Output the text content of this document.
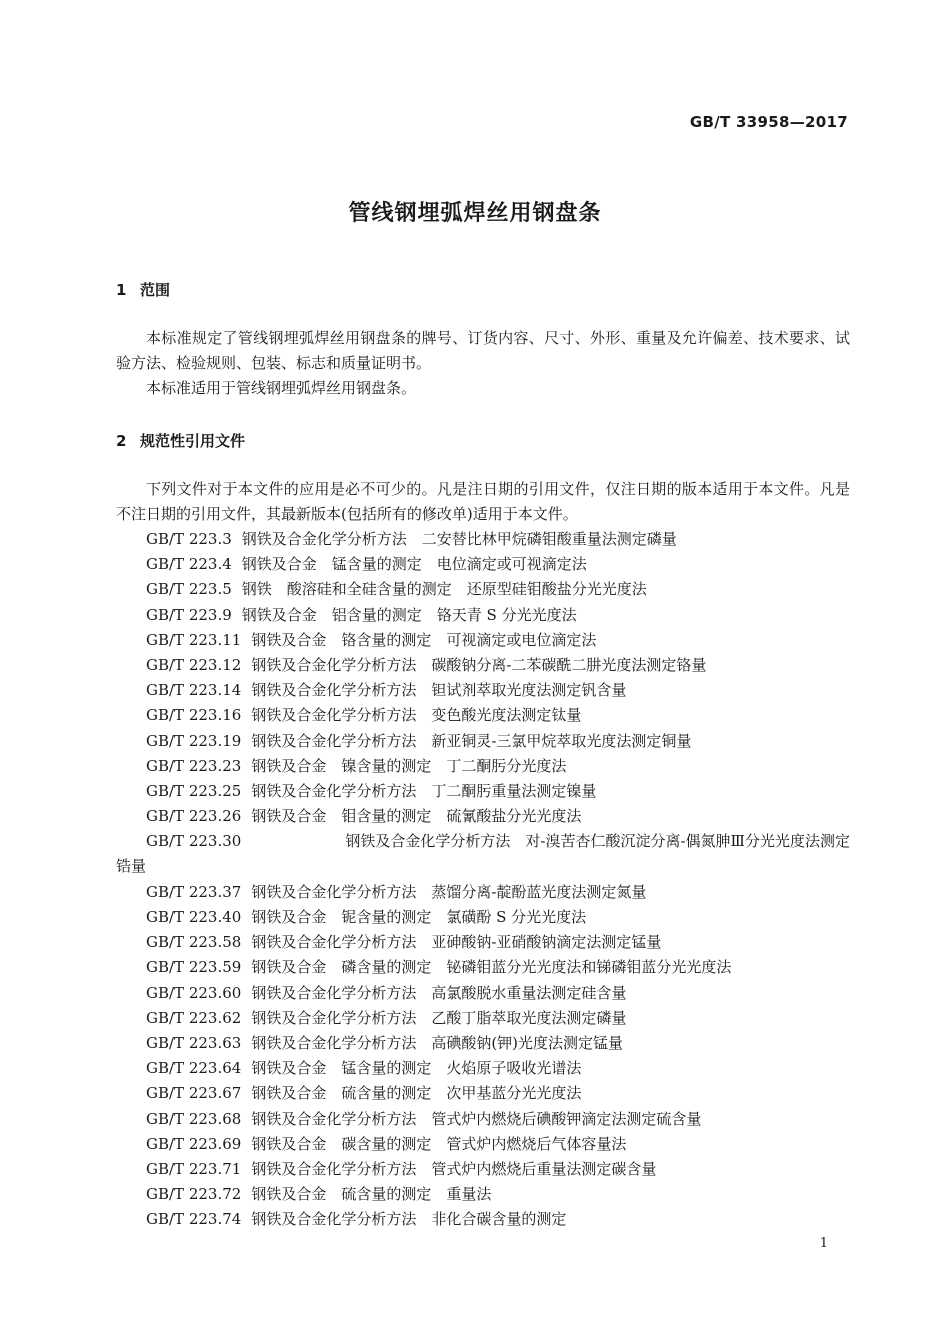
GB/T 33958—2017
管线钢埋弧焊丝用钢盘条
1 范围
本标准规定了管线钢埋弧焊丝用钢盘条的牌号、订货内容、尺寸、外形、重量及允许偏差、技术要求、试验方法、检验规则、包装、标志和质量证明书。
本标准适用于管线钢埋弧焊丝用钢盘条。
2 规范性引用文件
下列文件对于本文件的应用是必不可少的。凡是注日期的引用文件，仅注日期的版本适用于本文件。凡是不注日期的引用文件，其最新版本(包括所有的修改单)适用于本文件。
GB/T 223.3 钢铁及合金化学分析方法　二安替比林甲烷磷钼酸重量法测定磷量
GB/T 223.4 钢铁及合金　锰含量的测定　电位滴定或可视滴定法
GB/T 223.5 钢铁　酸溶硅和全硅含量的测定　还原型硅钼酸盐分光光度法
GB/T 223.9 钢铁及合金　铝含量的测定　铬天青 S 分光光度法
GB/T 223.11 钢铁及合金　铬含量的测定　可视滴定或电位滴定法
GB/T 223.12 钢铁及合金化学分析方法　碳酸钠分离-二苯碳酰二肼光度法测定铬量
GB/T 223.14 钢铁及合金化学分析方法　钽试剂萃取光度法测定钒含量
GB/T 223.16 钢铁及合金化学分析方法　变色酸光度法测定钛量
GB/T 223.19 钢铁及合金化学分析方法　新亚铜灵-三氯甲烷萃取光度法测定铜量
GB/T 223.23 钢铁及合金　镍含量的测定　丁二酮肟分光度法
GB/T 223.25 钢铁及合金化学分析方法　丁二酮肟重量法测定镍量
GB/T 223.26 钢铁及合金　钼含量的测定　硫氰酸盐分光光度法
GB/T 223.30	钢铁及合金化学分析方法　对-溴苦杏仁酸沉淀分离-偶氮胂Ⅲ分光光度法测定
锆量
GB/T 223.37 钢铁及合金化学分析方法　蒸馏分离-靛酚蓝光度法测定氮量
GB/T 223.40 钢铁及合金　铌含量的测定　氯磺酚 S 分光光度法
GB/T 223.58 钢铁及合金化学分析方法　亚砷酸钠-亚硝酸钠滴定法测定锰量
GB/T 223.59 钢铁及合金　磷含量的测定　铋磷钼蓝分光光度法和锑磷钼蓝分光光度法
GB/T 223.60 钢铁及合金化学分析方法　高氯酸脱水重量法测定硅含量
GB/T 223.62 钢铁及合金化学分析方法　乙酸丁脂萃取光度法测定磷量
GB/T 223.63 钢铁及合金化学分析方法　高碘酸钠(钾)光度法测定锰量
GB/T 223.64 钢铁及合金　锰含量的测定　火焰原子吸收光谱法
GB/T 223.67 钢铁及合金　硫含量的测定　次甲基蓝分光光度法
GB/T 223.68 钢铁及合金化学分析方法　管式炉内燃烧后碘酸钾滴定法测定硫含量
GB/T 223.69 钢铁及合金　碳含量的测定　管式炉内燃烧后气体容量法
GB/T 223.71 钢铁及合金化学分析方法　管式炉内燃烧后重量法测定碳含量
GB/T 223.72 钢铁及合金　硫含量的测定　重量法
GB/T 223.74 钢铁及合金化学分析方法　非化合碳含量的测定
1
